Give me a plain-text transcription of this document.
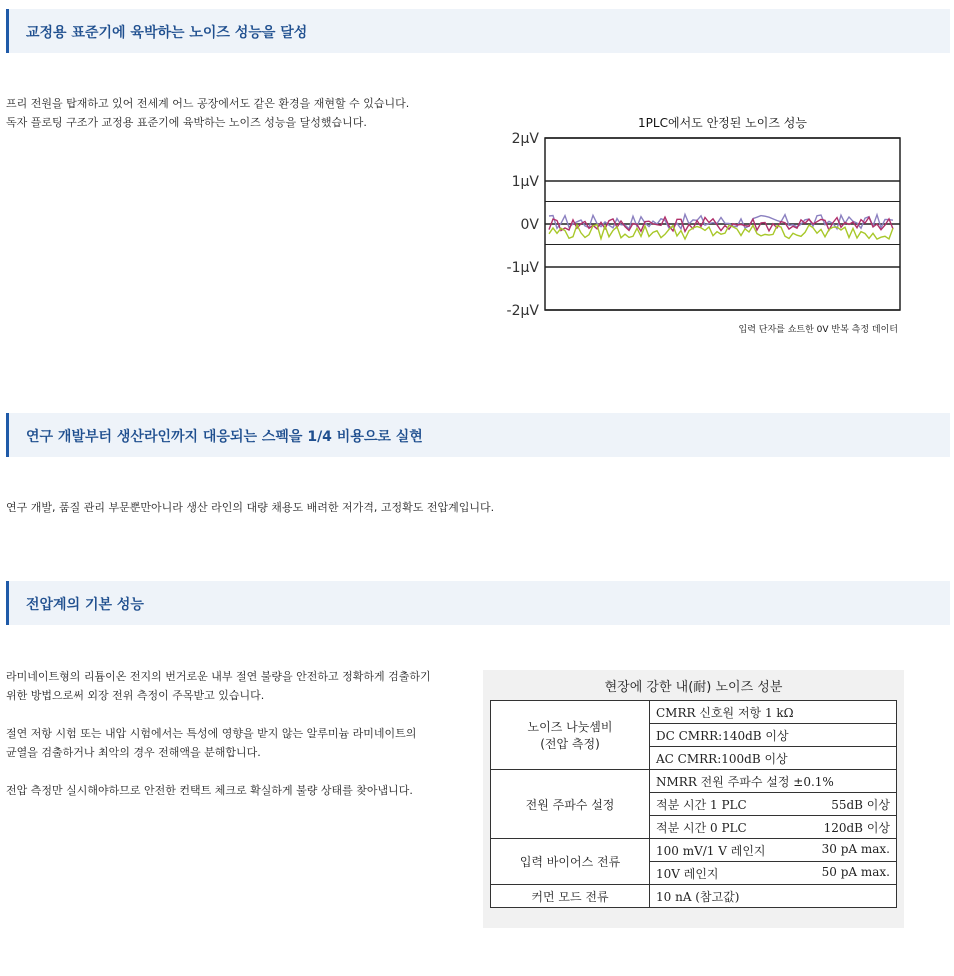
교정용 표준기에 육박하는 노이즈 성능을 달성
프리 전원을 탑재하고 있어 전세계 어느 공장에서도 같은 환경을 재현할 수 있습니다.
독자 플로팅 구조가 교정용 표준기에 육박하는 노이즈 성능을 달성했습니다.	1PLC에서도 안정된 노이즈 성능
2μV
1μV
0V
-1μV
-2μV
입력 단자를 쇼트한 0V 반복 측정 데이터
연구 개발부터 생산라인까지 대응되는 스펙을 1/4 비용으로 실현
연구 개발, 품질 관리 부문뿐만아니라 생산 라인의 대량 채용도 배려한 저가격, 고정확도 전압계입니다.
전압계의 기본 성능
라미네이트형의 리튬이온 전지의 번거로운 내부 절연 불량을 안전하고 정확하게 검출하기
위한 방법으로써 외장 전위 측정이 주목받고 있습니다.
절연 저항 시험 또는 내압 시험에서는 특성에 영향을 받지 않는 알루미늄 라미네이트의
균열을 검출하거나 최악의 경우 전해액을 분해합니다.
전압 측정만 실시해야하므로 안전한 컨택트 체크로 확실하게 불량 상태를 찾아냅니다.
현장에 강한 내(耐) 노이즈 성분
노이즈 나눗셈비
(전압 측정)	CMRR 신호원 저항 1 kΩ

	DC CMRR:140dB 이상

	AC CMRR:100dB 이상

전원 주파수 설정	NMRR 전원 주파수 설정 ±0.1%

	적분 시간 1 PLC 55dB 이상

	적분 시간 0 PLC 120dB 이상

입력 바이어스 전류	100 mV/1 V 레인지 30 pA max.

	10V 레인지 50 pA max.

커먼 모드 전류	10 nA (참고값)
